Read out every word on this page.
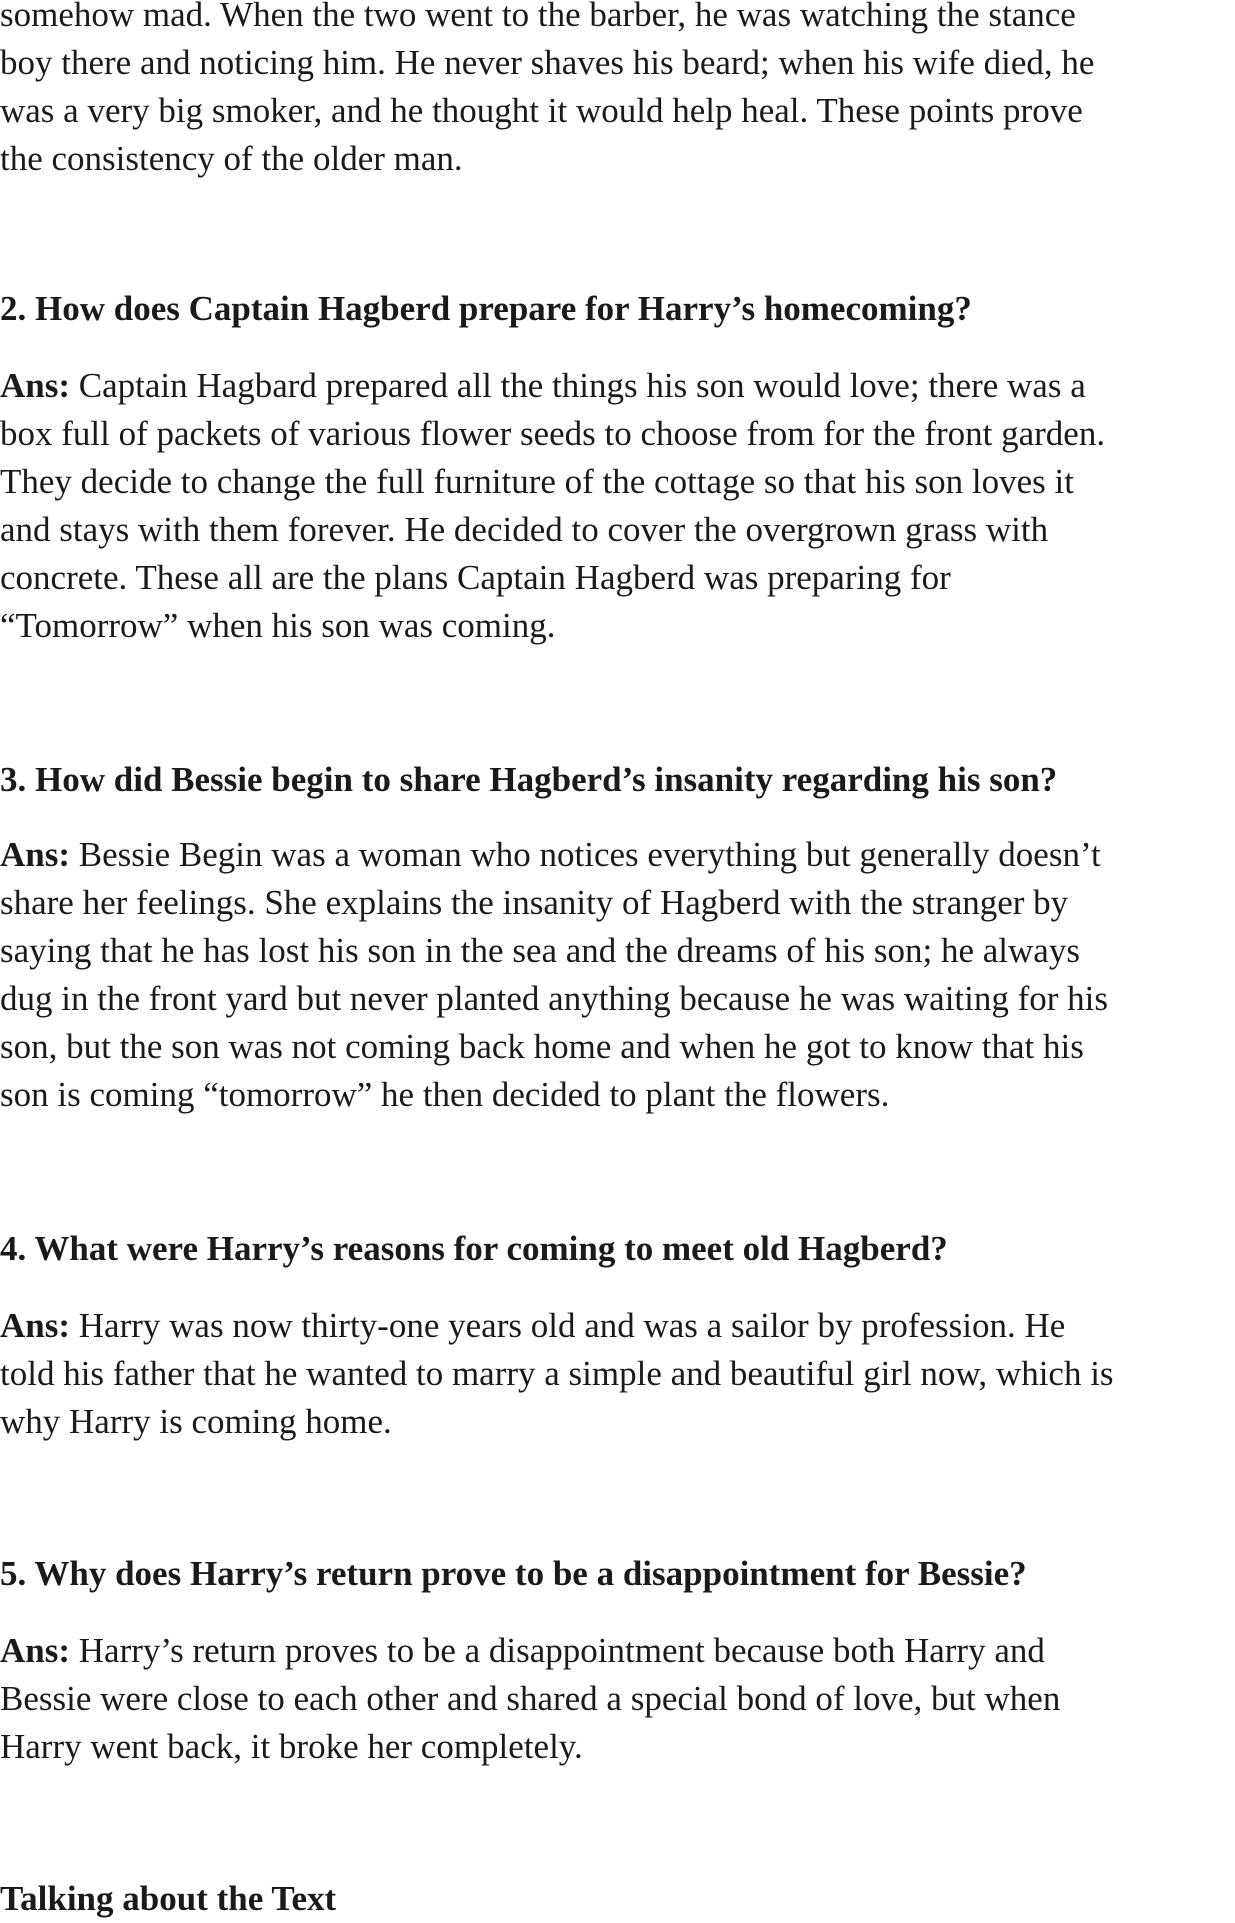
somehow mad. When the two went to the barber, he was watching the stance
boy there and noticing him. He never shaves his beard; when his wife died, he
was a very big smoker, and he thought it would help heal. These points prove
the consistency of the older man.
2. How does Captain Hagberd prepare for Harry’s homecoming?
Ans: Captain Hagbard prepared all the things his son would love; there was a
box full of packets of various flower seeds to choose from for the front garden.
They decide to change the full furniture of the cottage so that his son loves it
and stays with them forever. He decided to cover the overgrown grass with
concrete. These all are the plans Captain Hagberd was preparing for
“Tomorrow” when his son was coming.
3. How did Bessie begin to share Hagberd’s insanity regarding his son?
Ans: Bessie Begin was a woman who notices everything but generally doesn’t
share her feelings. She explains the insanity of Hagberd with the stranger by
saying that he has lost his son in the sea and the dreams of his son; he always
dug in the front yard but never planted anything because he was waiting for his
son, but the son was not coming back home and when he got to know that his
son is coming “tomorrow” he then decided to plant the flowers.
4. What were Harry’s reasons for coming to meet old Hagberd?
Ans: Harry was now thirty-one years old and was a sailor by profession. He
told his father that he wanted to marry a simple and beautiful girl now, which is
why Harry is coming home.
5. Why does Harry’s return prove to be a disappointment for Bessie?
Ans: Harry’s return proves to be a disappointment because both Harry and
Bessie were close to each other and shared a special bond of love, but when
Harry went back, it broke her completely.
Talking about the Text
